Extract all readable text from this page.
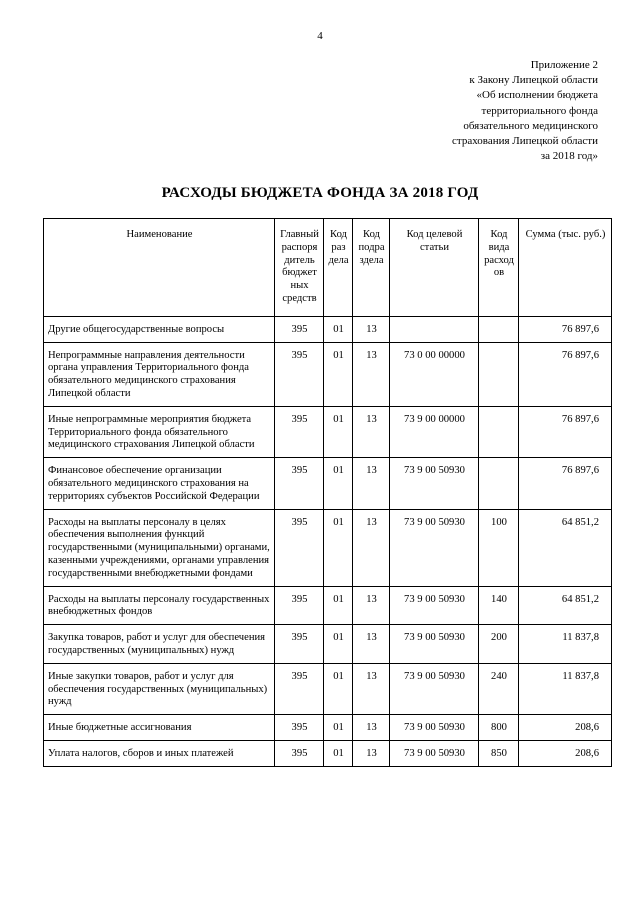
4
Приложение 2
к Закону Липецкой области
«Об исполнении бюджета
территориального фонда
обязательного медицинского
страхования Липецкой области
за 2018 год»
РАСХОДЫ БЮДЖЕТА ФОНДА ЗА 2018 ГОД
Наименование	Главный распоря дитель бюджет ных средств	Код раз дела	Код подра здела	Код целевой статьи	Код вида расход ов	Сумма (тыс. руб.)
Другие общегосударственные вопросы	395	01	13			76 897,6
Непрограммные направления деятельности органа управления Территориального фонда обязательного медицинского страхования Липецкой области	395	01	13	73 0 00 00000		76 897,6
Иные непрограммные мероприятия бюджета Территориального фонда обязательного медицинского страхования Липецкой области	395	01	13	73 9 00 00000		76 897,6
Финансовое обеспечение организации обязательного медицинского страхования на территориях субъектов Российской Федерации	395	01	13	73 9 00 50930		76 897,6
Расходы на выплаты персоналу в целях обеспечения выполнения функций государственными (муниципальными) органами, казенными учреждениями, органами управления государственными внебюджетными фондами	395	01	13	73 9 00 50930	100	64 851,2
Расходы на выплаты персоналу государственных внебюджетных фондов	395	01	13	73 9 00 50930	140	64 851,2
Закупка товаров, работ и услуг для обеспечения государственных (муниципальных) нужд	395	01	13	73 9 00 50930	200	11 837,8
Иные закупки товаров, работ и услуг для обеспечения государственных (муниципальных) нужд	395	01	13	73 9 00 50930	240	11 837,8
Иные бюджетные ассигнования	395	01	13	73 9 00 50930	800	208,6
Уплата налогов, сборов и иных платежей	395	01	13	73 9 00 50930	850	208,6
